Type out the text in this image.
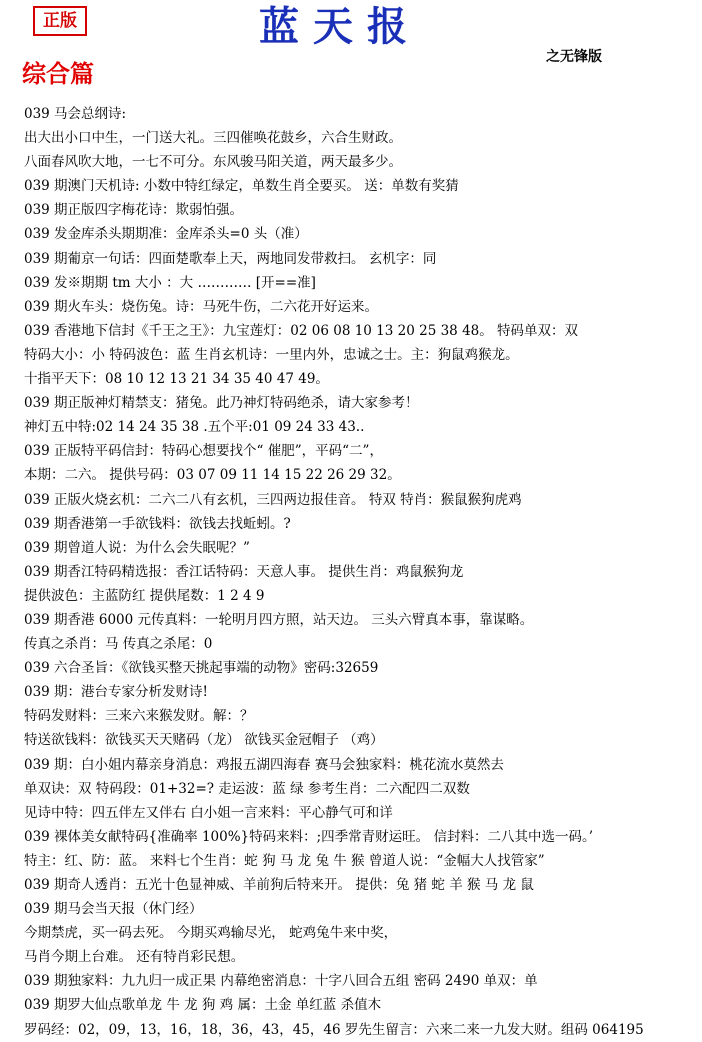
正版	蓝天报
之无锋版
综合篇
039 马会总纲诗:
出大出小口中生，一门送大礼。三四催唤花鼓乡，六合生财政。
八面春风吹大地，一七不可分。东风骏马阳关道，两天最多少。
039 期澳门天机诗: 小数中特红绿定，单数生肖全要买。 送：单数有奖猜
039 期正版四字梅花诗：欺弱怕强。
039 发金库杀头期期准：金库杀头=0 头（准）
039 期葡京一句话：四面楚歌奉上天，两地同发带救扫。 玄机字：同
039 发※期期 tm 大小 ：大 ………… [开==准]
039 期火车头：烧伤兔。诗：马死牛伤，二六花开好运来。
039 香港地下信封《千王之王》：九宝莲灯：02 06 08 10 13 20 25 38 48。 特码单双：双
特码大小：小 特码波色：蓝 生肖玄机诗：一里内外，忠诚之士。主：狗鼠鸡猴龙。
十指平天下：08 10 12 13 21 34 35 40 47 49。
039 期正版神灯精禁支：猪兔。此乃神灯特码绝杀，请大家参考！
神灯五中特:02 14 24 35 38 .五个平:01 09 24 33 43..
039 正版特平码信封：特码心想要找个“ 催肥”，平码“二”，
本期：二六。 提供号码：03 07 09 11 14 15 22 26 29 32。
039 正版火烧玄机：二六二八有玄机，三四两边报佳音。 特双 特肖：猴鼠猴狗虎鸡
039 期香港第一手欲钱料：欲钱去找蚯蚓。?
039 期曾道人说：为什么会失眠呢？”
039 期香江特码精选报：香江话特码：天意人事。 提供生肖：鸡鼠猴狗龙
提供波色：主蓝防红 提供尾数：1 2 4 9
039 期香港 6000 元传真料：一轮明月四方照，站天边。 三头六臂真本事，靠谋略。
传真之杀肖：马 传真之杀尾：0
039 六合圣旨：《欲钱买整天挑起事端的动物》密码:32659
039 期：港台专家分析发财诗!
特码发财料：三来六来猴发财。解：？
特送欲钱料：欲钱买天天赌码（龙） 欲钱买金冠帽子 （鸡）
039 期：白小姐内幕亲身消息：鸡报五湖四海春 赛马会独家料：桃花流水莫然去
单双诀：双 特码段：01+32=? 走运波：蓝 绿 参考生肖：二六配四二双数
见诗中特：四五伴左又伴右 白小姐一言来料：平心静气可和详
039 裸体美女献特码{准确率 100%}特码来料：;四季常青财运旺。 信封料：二八其中选一码。’
特主：红、防：蓝。 来料七个生肖：蛇 狗 马 龙 兔 牛 猴 曾道人说：“金幅大人找管家”
039 期奇人透肖：五光十色显神威、羊前狗后特来开。 提供：兔 猪 蛇 羊 猴 马 龙 鼠
039 期马会当天报（休门经）
今期禁虎，买一码去死。 今期买鸡输尽光， 蛇鸡兔牛来中奖，
马肖今期上台难。 还有特肖彩民想。
039 期独家料：九九归一成正果 内幕绝密消息：十字八回合五组 密码 2490 单双：单
039 期罗大仙点歌单龙 牛 龙 狗 鸡 属：土金 单红蓝 杀值木
罗码经：02，09，13，16，18，36，43，45，46 罗先生留言：六来二来一九发大财。组码 064195
